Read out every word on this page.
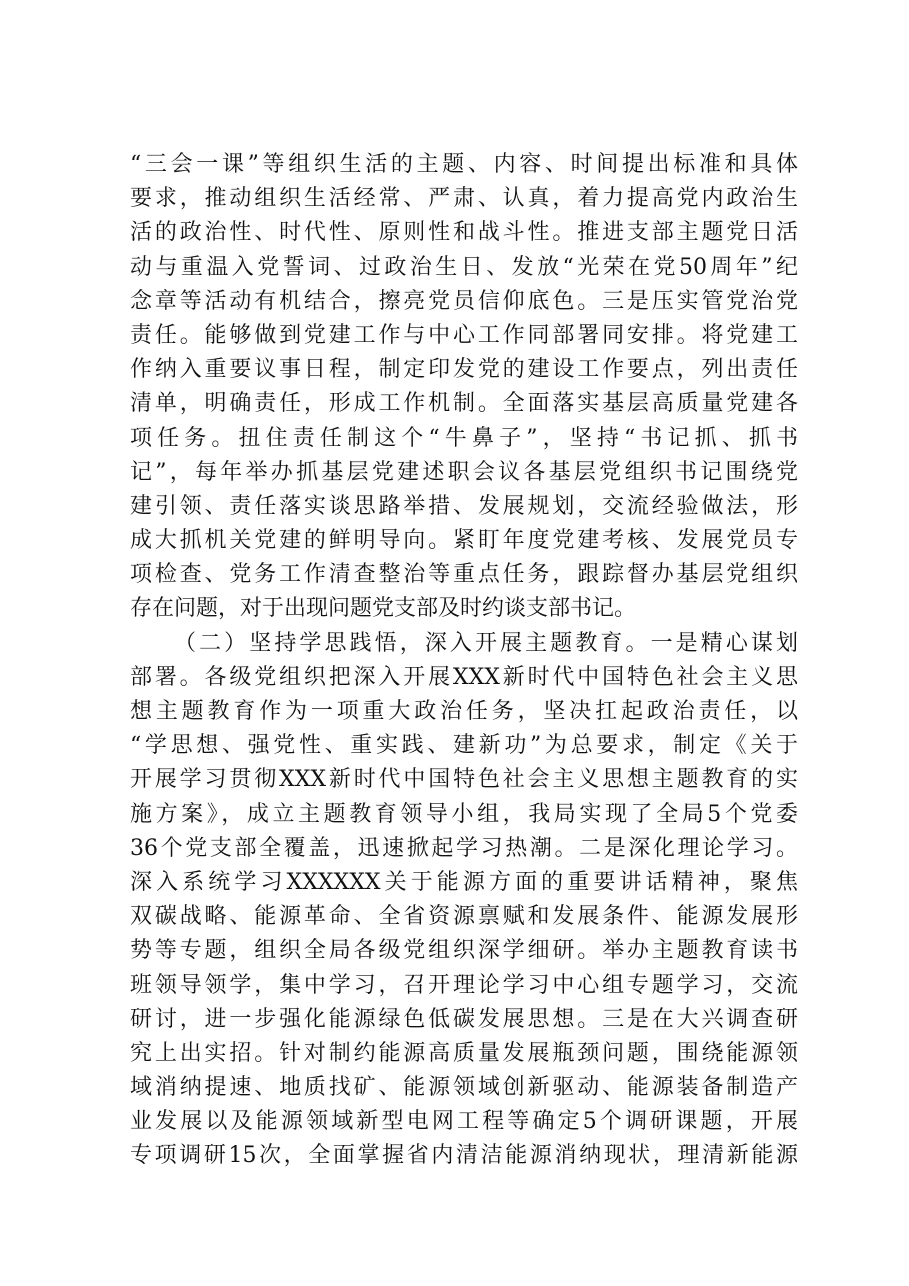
“三会一课”等组织生活的主题、内容、时间提出标准和具体
要求，推动组织生活经常、严肃、认真，着力提高党内政治生
活的政治性、时代性、原则性和战斗性。推进支部主题党日活
动与重温入党誓词、过政治生日、发放“光荣在党50周年”纪
念章等活动有机结合，擦亮党员信仰底色。三是压实管党治党
责任。能够做到党建工作与中心工作同部署同安排。将党建工
作纳入重要议事日程，制定印发党的建设工作要点，列出责任
清单，明确责任，形成工作机制。全面落实基层高质量党建各
项任务。扭住责任制这个“牛鼻子”，坚持“书记抓、抓书
记”，每年举办抓基层党建述职会议各基层党组织书记围绕党
建引领、责任落实谈思路举措、发展规划，交流经验做法，形
成大抓机关党建的鲜明导向。紧盯年度党建考核、发展党员专
项检查、党务工作清查整治等重点任务，跟踪督办基层党组织
存在问题，对于出现问题党支部及时约谈支部书记。
（二）坚持学思践悟，深入开展主题教育。一是精心谋划
部署。各级党组织把深入开展XXX新时代中国特色社会主义思
想主题教育作为一项重大政治任务，坚决扛起政治责任，以
“学思想、强党性、重实践、建新功”为总要求，制定《关于
开展学习贯彻XXX新时代中国特色社会主义思想主题教育的实
施方案》，成立主题教育领导小组，我局实现了全局5个党委
36个党支部全覆盖，迅速掀起学习热潮。二是深化理论学习。
深入系统学习XXXXXX关于能源方面的重要讲话精神，聚焦
双碳战略、能源革命、全省资源禀赋和发展条件、能源发展形
势等专题，组织全局各级党组织深学细研。举办主题教育读书
班领导领学，集中学习，召开理论学习中心组专题学习，交流
研讨，进一步强化能源绿色低碳发展思想。三是在大兴调查研
究上出实招。针对制约能源高质量发展瓶颈问题，围绕能源领
域消纳提速、地质找矿、能源领域创新驱动、能源装备制造产
业发展以及能源领域新型电网工程等确定5个调研课题，开展
专项调研15次，全面掌握省内清洁能源消纳现状，理清新能源
